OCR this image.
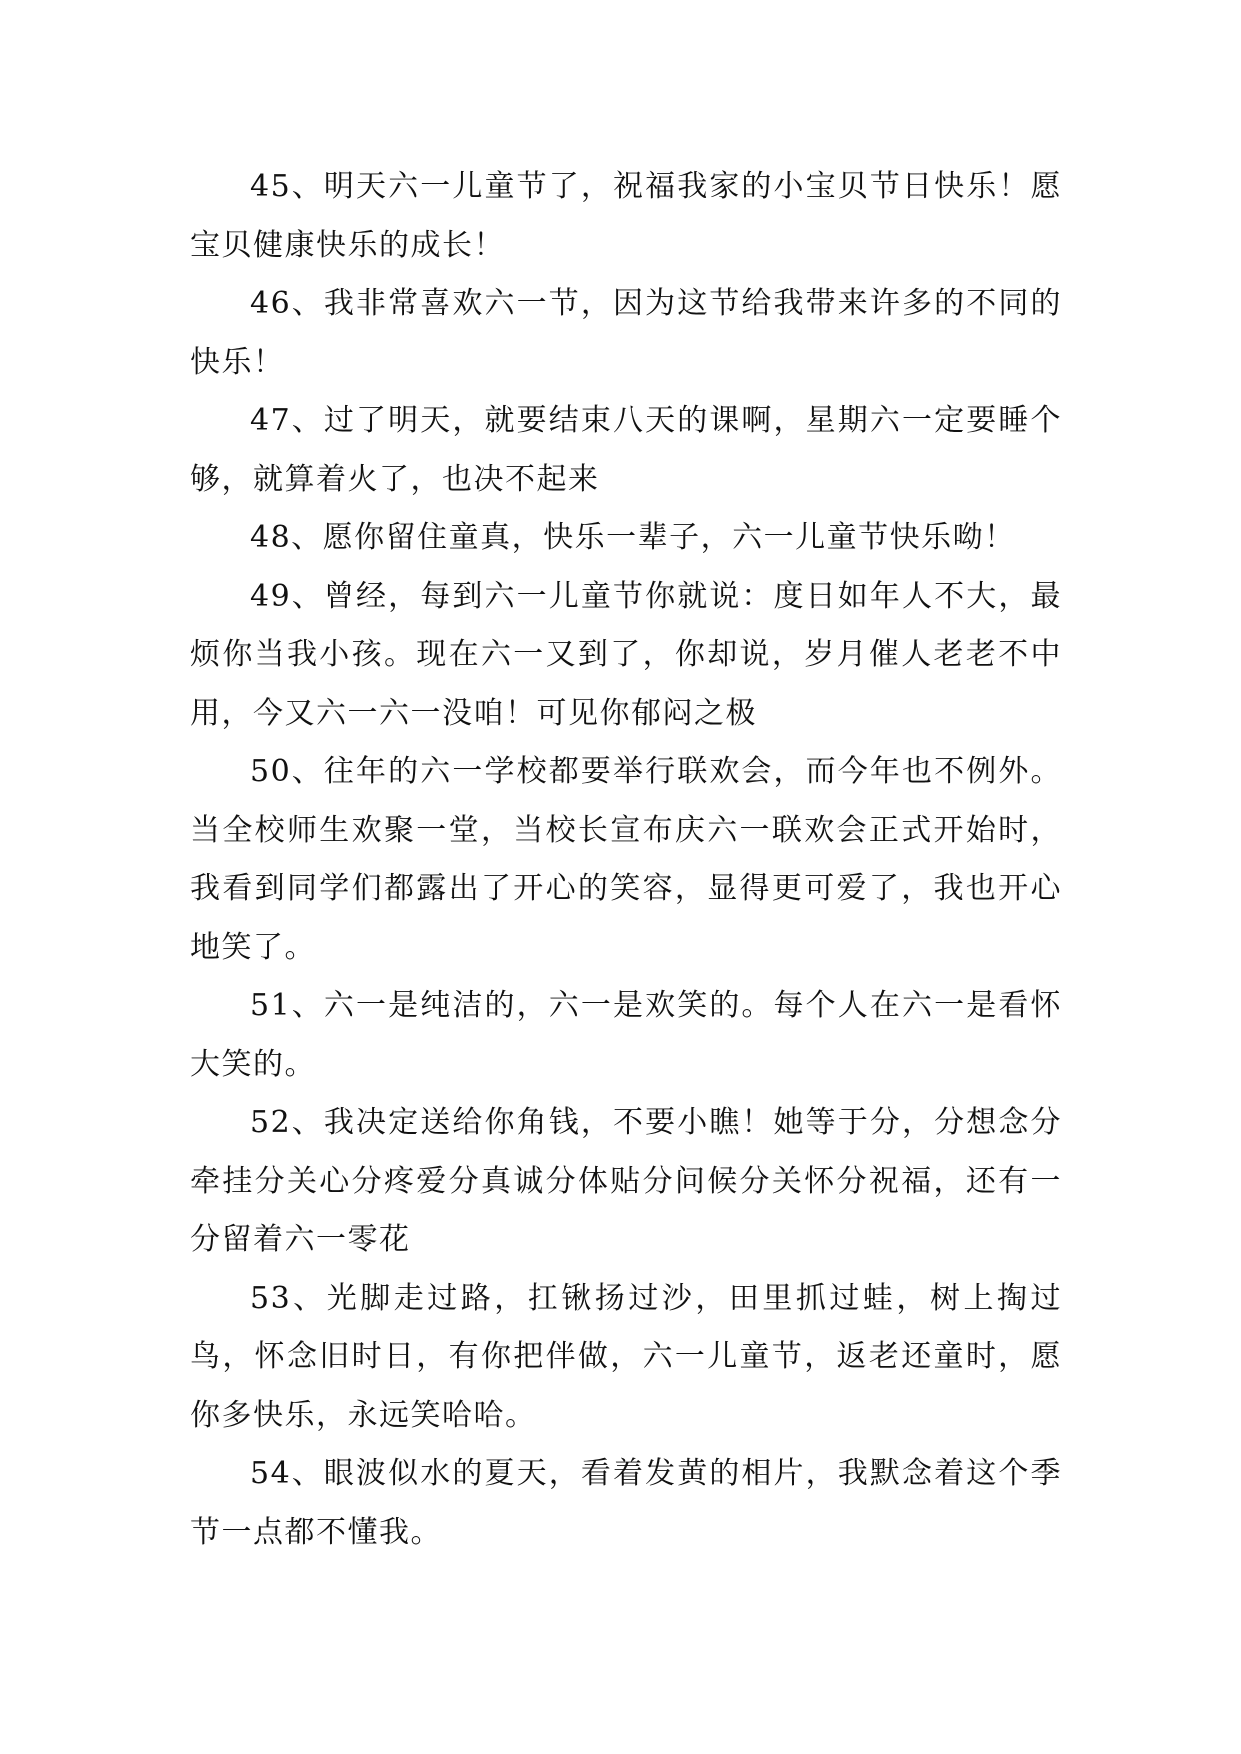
45、明天六一儿童节了，祝福我家的小宝贝节日快乐！愿宝贝健康快乐的成长！

46、我非常喜欢六一节，因为这节给我带来许多的不同的快乐！

47、过了明天，就要结束八天的课啊，星期六一定要睡个够，就算着火了，也决不起来

48、愿你留住童真，快乐一辈子，六一儿童节快乐呦！

49、曾经，每到六一儿童节你就说：度日如年人不大，最烦你当我小孩。现在六一又到了，你却说，岁月催人老老不中用，今又六一六一没咱！可见你郁闷之极

50、往年的六一学校都要举行联欢会，而今年也不例外。当全校师生欢聚一堂，当校长宣布庆六一联欢会正式开始时，我看到同学们都露出了开心的笑容，显得更可爱了，我也开心地笑了。

51、六一是纯洁的，六一是欢笑的。每个人在六一是看怀大笑的。

52、我决定送给你角钱，不要小瞧！她等于分，分想念分牵挂分关心分疼爱分真诚分体贴分问候分关怀分祝福，还有一分留着六一零花

53、光脚走过路，扛锹扬过沙，田里抓过蛙，树上掏过鸟，怀念旧时日，有你把伴做，六一儿童节，返老还童时，愿你多快乐，永远笑哈哈。

54、眼波似水的夏天，看着发黄的相片，我默念着这个季节一点都不懂我。
